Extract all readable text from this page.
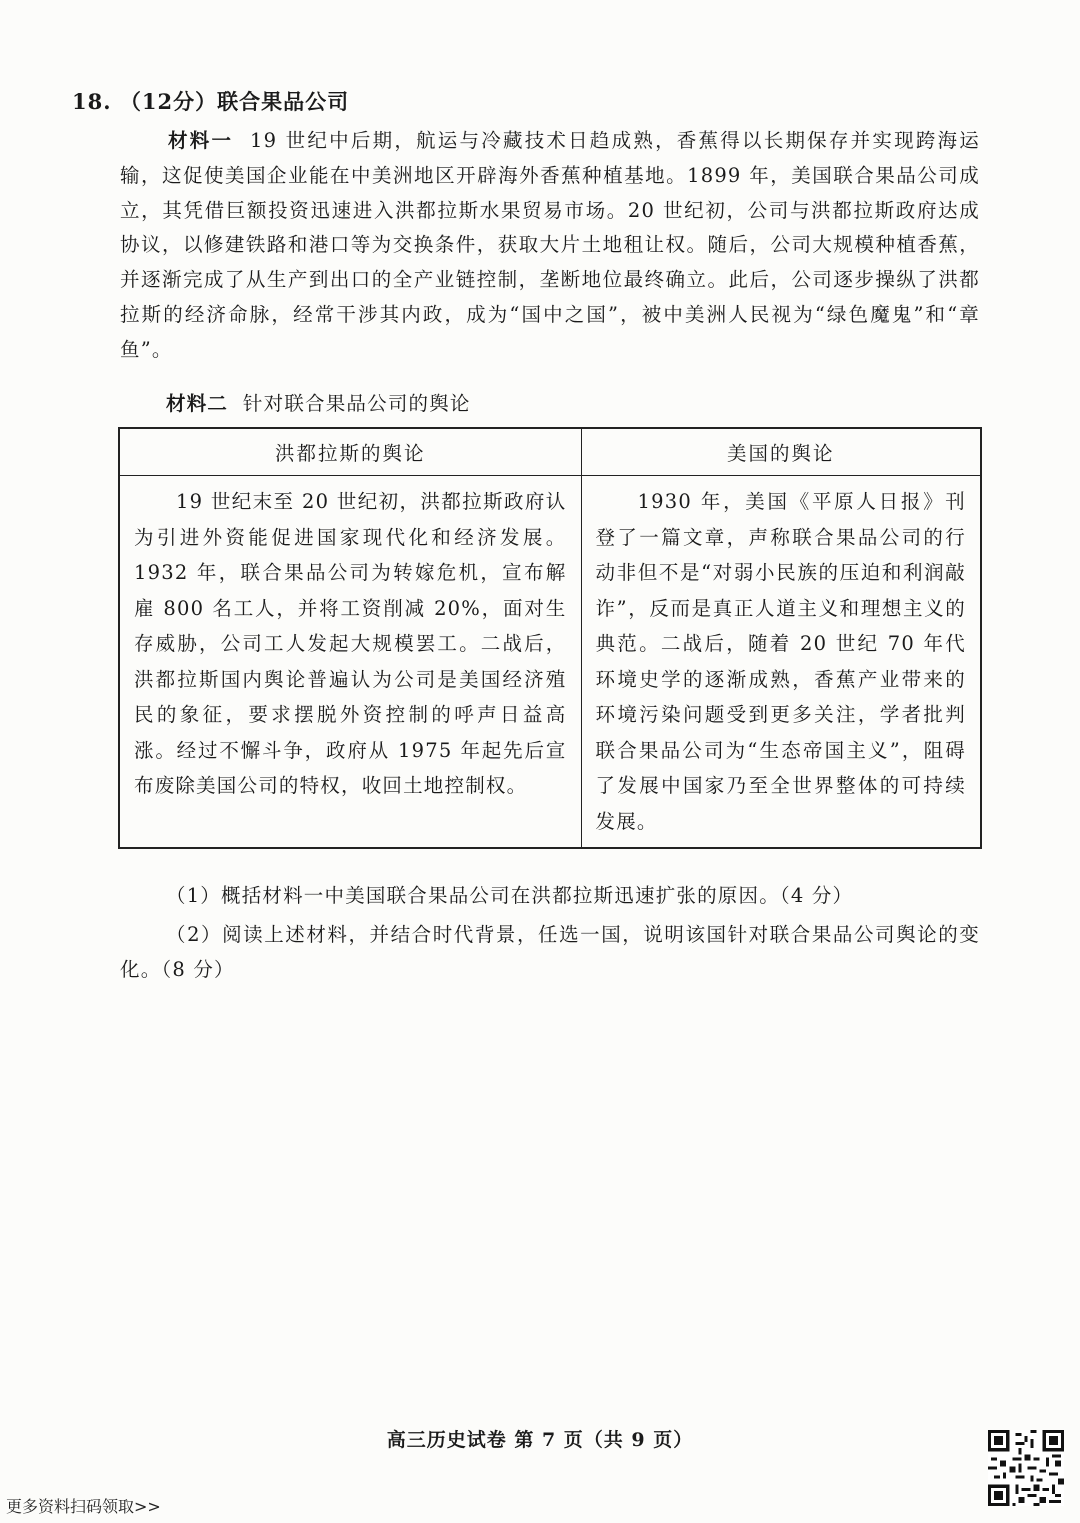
18. （12分）联合果品公司
材料一 19 世纪中后期，航运与冷藏技术日趋成熟，香蕉得以长期保存并实现跨海运输，这促使美国企业能在中美洲地区开辟海外香蕉种植基地。1899 年，美国联合果品公司成立，其凭借巨额投资迅速进入洪都拉斯水果贸易市场。20 世纪初，公司与洪都拉斯政府达成协议，以修建铁路和港口等为交换条件，获取大片土地租让权。随后，公司大规模种植香蕉，并逐渐完成了从生产到出口的全产业链控制，垄断地位最终确立。此后，公司逐步操纵了洪都拉斯的经济命脉，经常干涉其内政，成为“国中之国”，被中美洲人民视为“绿色魔鬼”和“章鱼”。
材料二 针对联合果品公司的舆论
洪都拉斯的舆论	美国的舆论

19 世纪末至 20 世纪初，洪都拉斯政府认为引进外资能促进国家现代化和经济发展。1932 年，联合果品公司为转嫁危机，宣布解雇 800 名工人，并将工资削减 20%，面对生存威胁，公司工人发起大规模罢工。二战后，洪都拉斯国内舆论普遍认为公司是美国经济殖民的象征，要求摆脱外资控制的呼声日益高涨。经过不懈斗争，政府从 1975 年起先后宣布废除美国公司的特权，收回土地控制权。	1930 年，美国《平原人日报》刊登了一篇文章，声称联合果品公司的行动非但不是“对弱小民族的压迫和利润敲诈”，反而是真正人道主义和理想主义的典范。二战后，随着 20 世纪 70 年代环境史学的逐渐成熟，香蕉产业带来的环境污染问题受到更多关注，学者批判联合果品公司为“生态帝国主义”，阻碍了发展中国家乃至全世界整体的可持续发展。
（1）概括材料一中美国联合果品公司在洪都拉斯迅速扩张的原因。（4 分）
（2）阅读上述材料，并结合时代背景，任选一国，说明该国针对联合果品公司舆论的变化。（8 分）
高三历史试卷 第 7 页（共 9 页）
更多资料扫码领取>>
